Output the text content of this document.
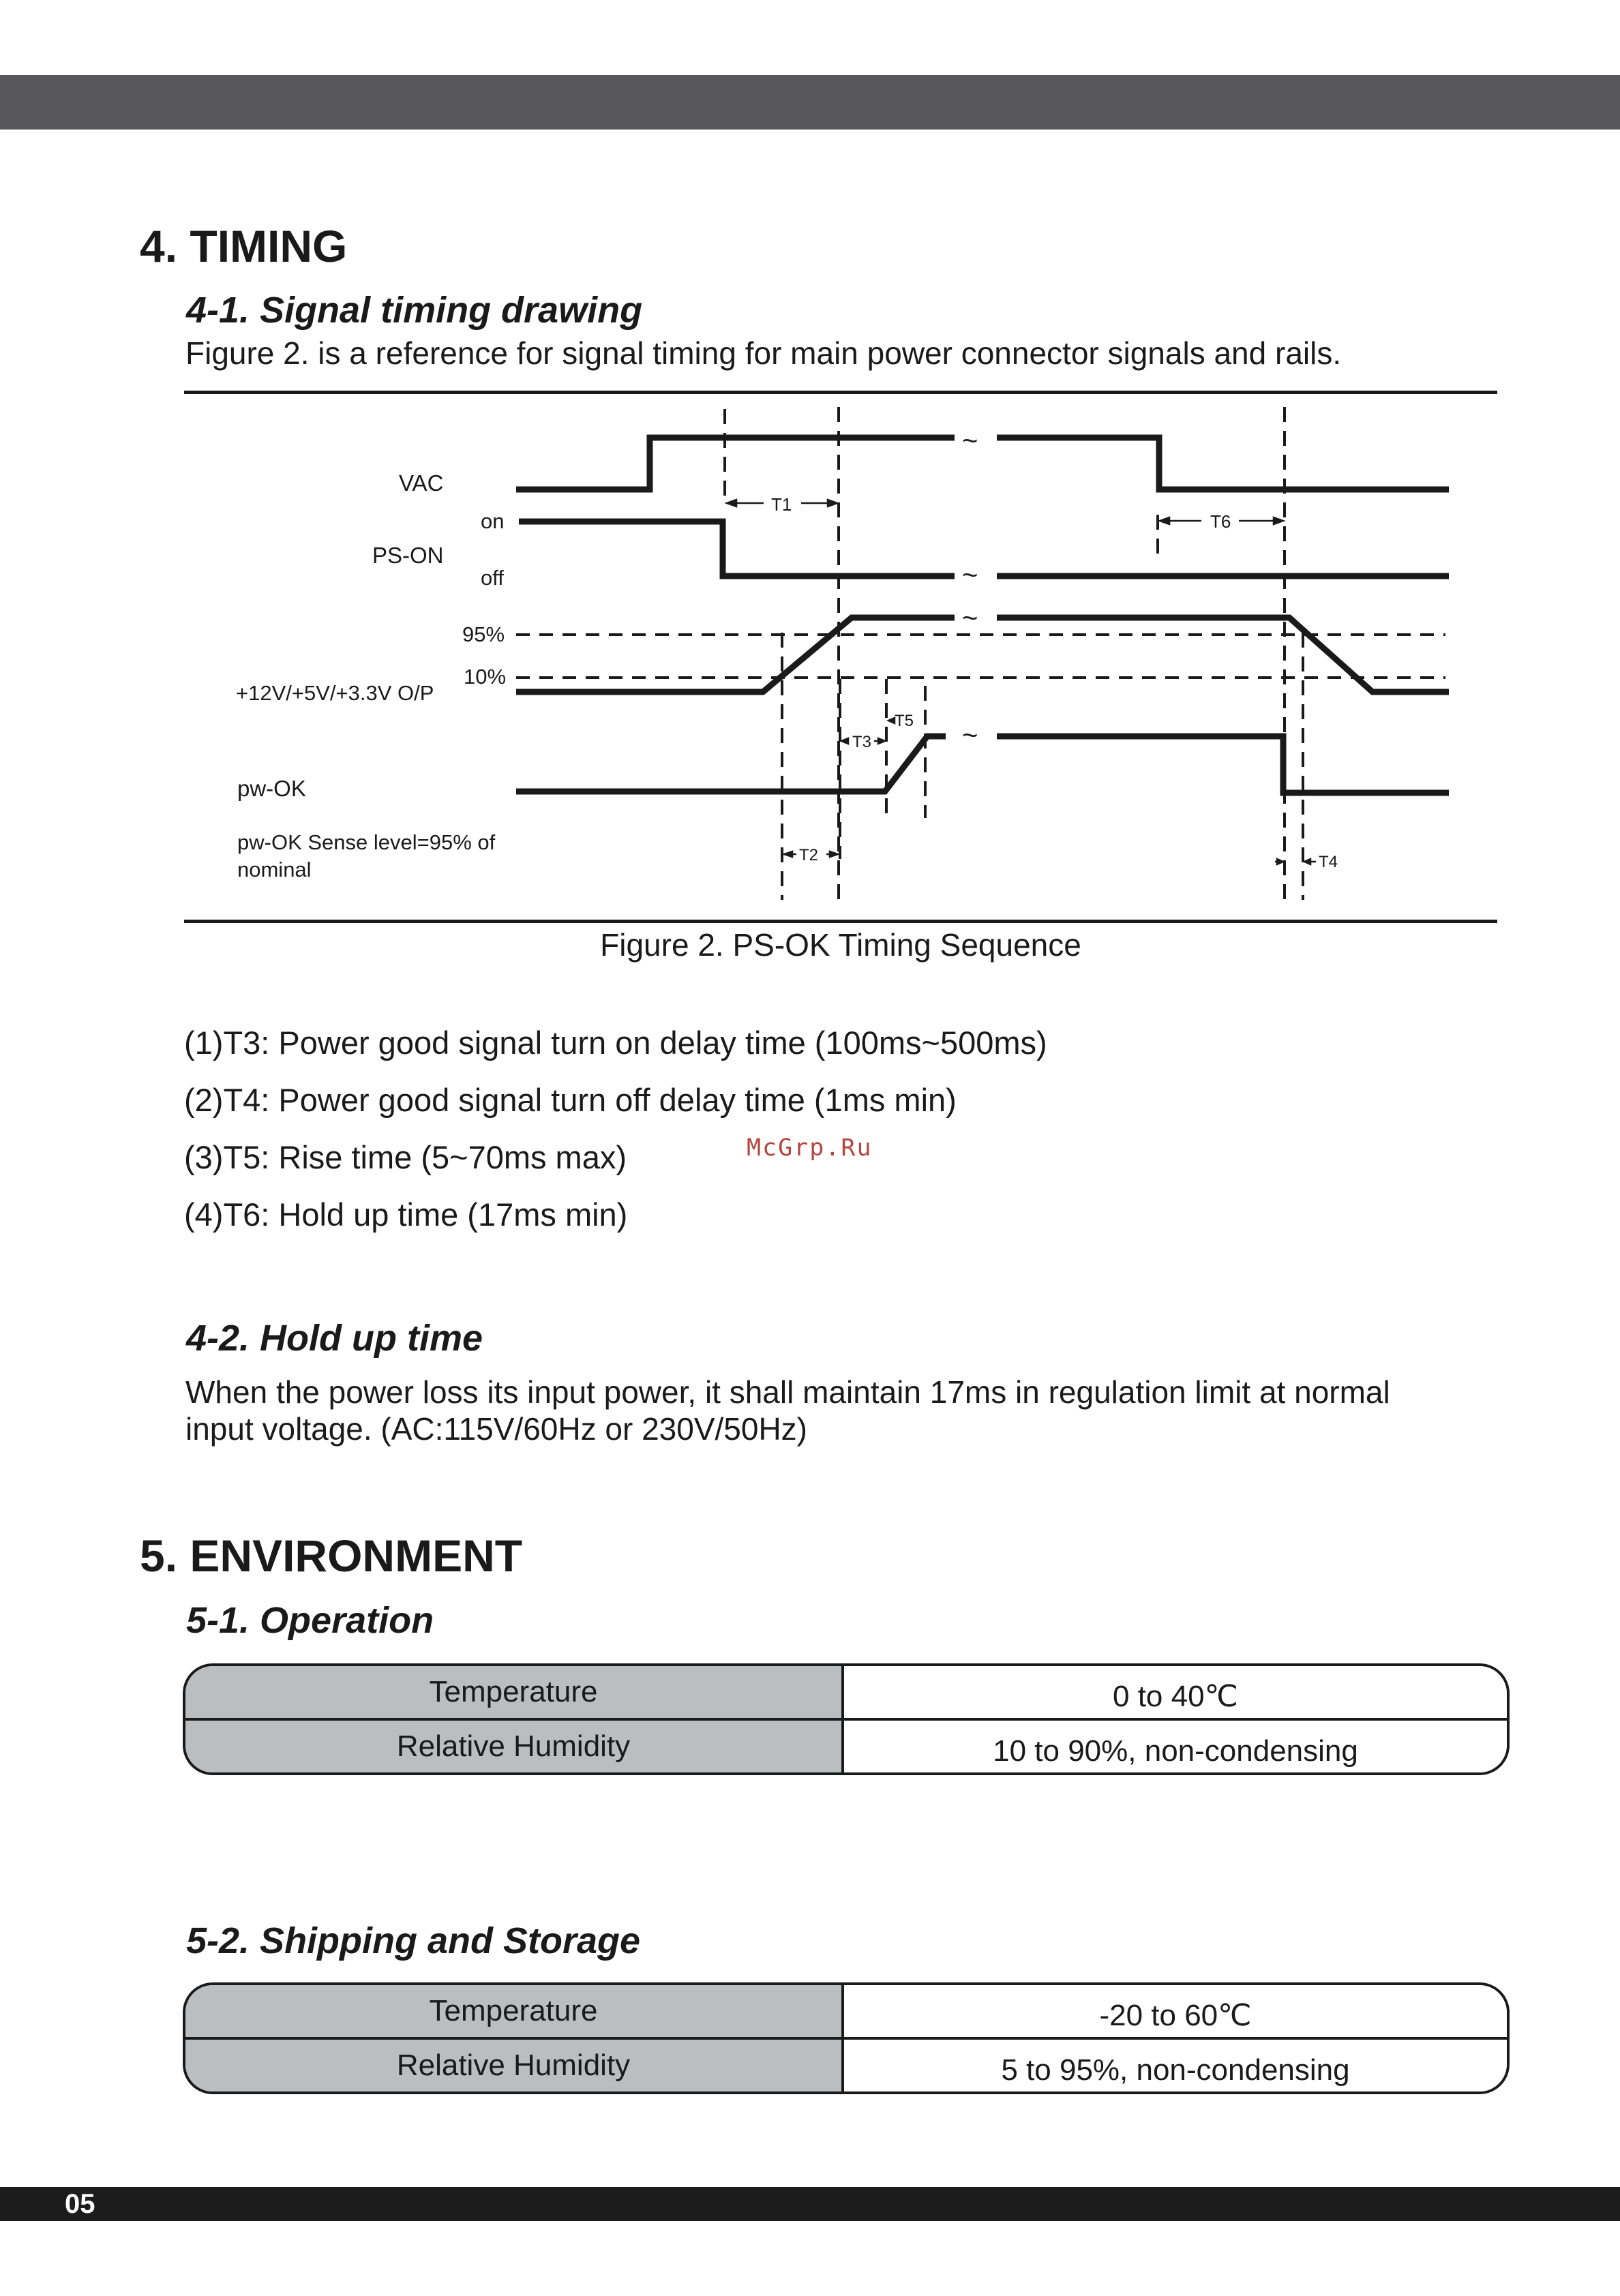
4. TIMING
4-1. Signal timing drawing
Figure 2. is a reference for signal timing for main power connector signals and rails.
VAC
on
PS-ON
off
95%
10%
+12V/+5V/+3.3V O/P
pw-OK
pw-OK Sense level=95% of
nominal
~
~
~
~
T1
T6
T5
T3
T2	T4
Figure 2. PS-OK Timing Sequence
(1)T3: Power good signal turn on delay time (100ms~500ms)
(2)T4: Power good signal turn off delay time (1ms min)
(3)T5: Rise time (5~70ms max)
(4)T6: Hold up time (17ms min)
McGrp.Ru
4-2. Hold up time
When the power loss its input power, it shall maintain 17ms in regulation limit at normal
input voltage. (AC:115V/60Hz or 230V/50Hz)
5. ENVIRONMENT
5-1. Operation
Temperature	0 to 40℃
Relative Humidity	10 to 90%, non-condensing
5-2. Shipping and Storage
Temperature	-20 to 60℃
Relative Humidity	5 to 95%, non-condensing
05
